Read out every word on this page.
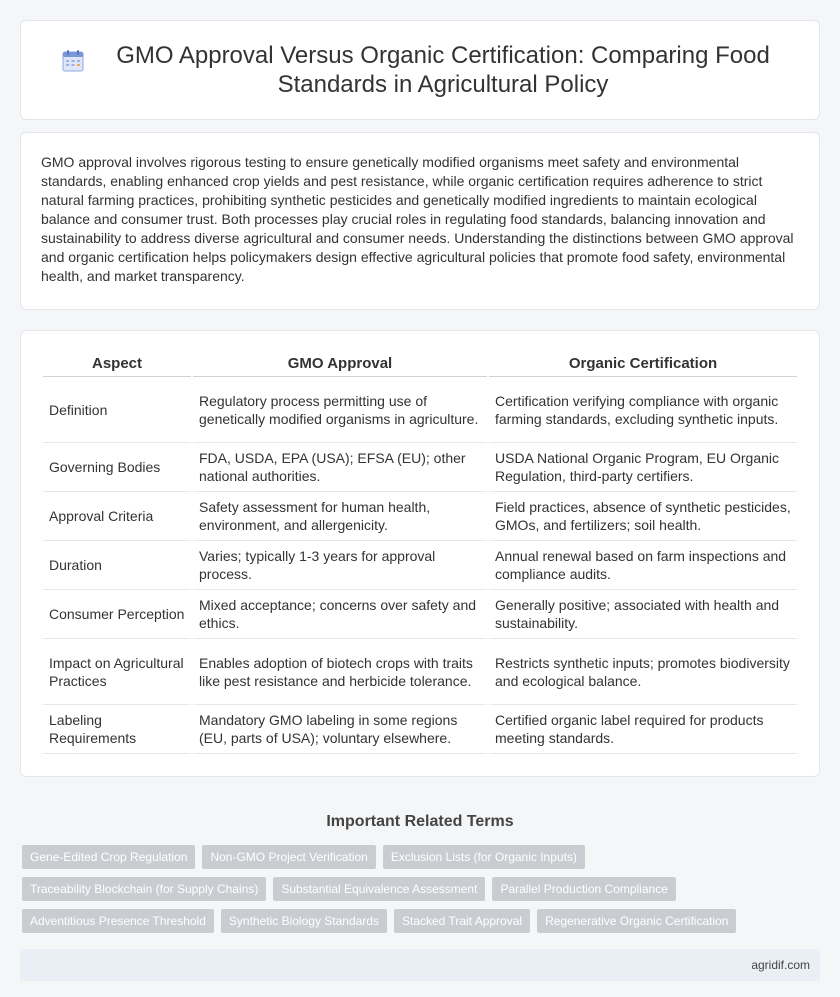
GMO Approval Versus Organic Certification: Comparing Food Standards in Agricultural Policy

GMO approval involves rigorous testing to ensure genetically modified organisms meet safety and environmental standards, enabling enhanced crop yields and pest resistance, while organic certification requires adherence to strict natural farming practices, prohibiting synthetic pesticides and genetically modified ingredients to maintain ecological balance and consumer trust. Both processes play crucial roles in regulating food standards, balancing innovation and sustainability to address diverse agricultural and consumer needs. Understanding the distinctions between GMO approval and organic certification helps policymakers design effective agricultural policies that promote food safety, environmental health, and market transparency.

Aspect	GMO Approval	Organic Certification
Definition	Regulatory process permitting use of genetically modified organisms in agriculture.	Certification verifying compliance with organic farming standards, excluding synthetic inputs.
Governing Bodies	FDA, USDA, EPA (USA); EFSA (EU); other national authorities.	USDA National Organic Program, EU Organic Regulation, third-party certifiers.
Approval Criteria	Safety assessment for human health, environment, and allergenicity.	Field practices, absence of synthetic pesticides, GMOs, and fertilizers; soil health.
Duration	Varies; typically 1-3 years for approval process.	Annual renewal based on farm inspections and compliance audits.
Consumer Perception	Mixed acceptance; concerns over safety and ethics.	Generally positive; associated with health and sustainability.
Impact on Agricultural Practices	Enables adoption of biotech crops with traits like pest resistance and herbicide tolerance.	Restricts synthetic inputs; promotes biodiversity and ecological balance.
Labeling Requirements	Mandatory GMO labeling in some regions (EU, parts of USA); voluntary elsewhere.	Certified organic label required for products meeting standards.
Important Related Terms
Gene-Edited Crop Regulation	Non-GMO Project Verification	Exclusion Lists (for Organic Inputs)
Traceability Blockchain (for Supply Chains)	Substantial Equivalence Assessment	Parallel Production Compliance
Adventitious Presence Threshold	Synthetic Biology Standards	Stacked Trait Approval	Regenerative Organic Certification
agridif.com
